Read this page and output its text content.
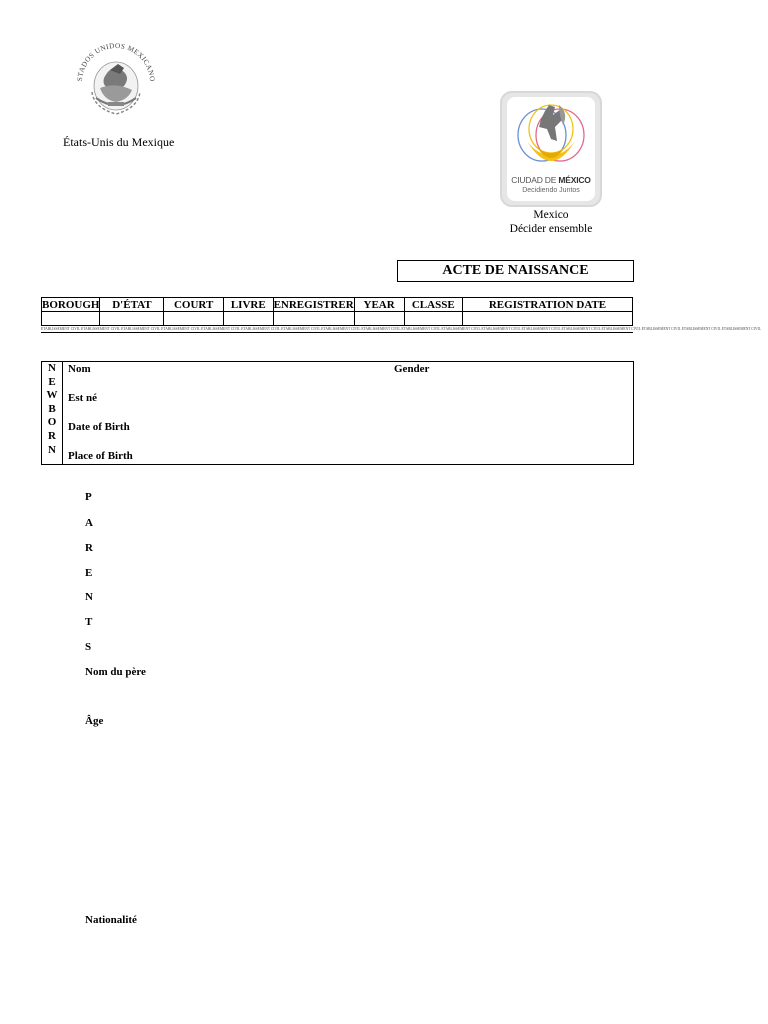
STADOS UNIDOS MEXICANO
États-Unis du Mexique
CIUDAD DE MÉXICO
Decidiendo Juntos
Mexico
Décider ensemble
ACTE DE NAISSANCE
BOROUGH	D'ÉTAT	COURT	LIVRE	ENREGISTRER	YEAR	CLASSE	REGISTRATION DATE

ETABLISSEMENT CIVIL ETABLISSEMENT CIVIL ETABLISSEMENT CIVIL ETABLISSEMENT CIVIL ETABLISSEMENT CIVIL ETABLISSEMENT CIVIL ETABLISSEMENT CIVIL ETABLISSEMENT CIVIL ETABLISSEMENT CIVIL ETABLISSEMENT CIVIL ETABLISSEMENT CIVIL ETABLISSEMENT CIVIL ETABLISSEMENT CIVIL ETABLISSEMENT CIVIL ETABLISSEMENT CIVIL ETABLISSEMENT CIVIL ETABLISSEMENT CIVIL ETABLISSEMENT CIVIL
N
E
W
B
O
R
N
Nom	Gender
Est né
Date of Birth
Place of Birth
P
A
R
E
N
T
S
Nom du père
Âge
Nationalité
